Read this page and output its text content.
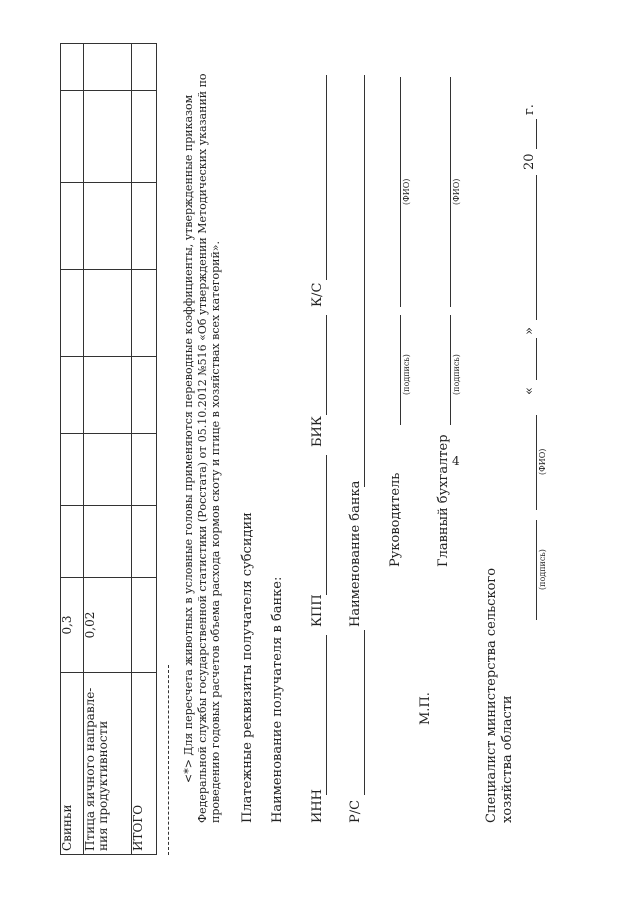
4
Свиньи	0,3							
Птица яичного направле-ния продуктивности	0,02							
ИТОГО								
<*> Для пересчета животных в условные головы применяются переводные коэффициенты, утвержденные приказом Федеральной службы государственной статистики (Росстата) от 05.10.2012 №516 «Об утверждении Методических указаний по проведению годовых расчетов объема расхода кормов скоту и птице в хозяйствах всех категорий». Платежные реквизиты получателя субсидии Наименование получателя в банке: ИНН
КПП
БИК
К/С
Р/С
Наименование банка
М.П.
Руководитель
(подпись)
(ФИО)
Главный бухгалтер
(подпись)
(ФИО)
Специалист министерства сельского хозяйства области
(подпись)
(ФИО)
«
»
20
г.
